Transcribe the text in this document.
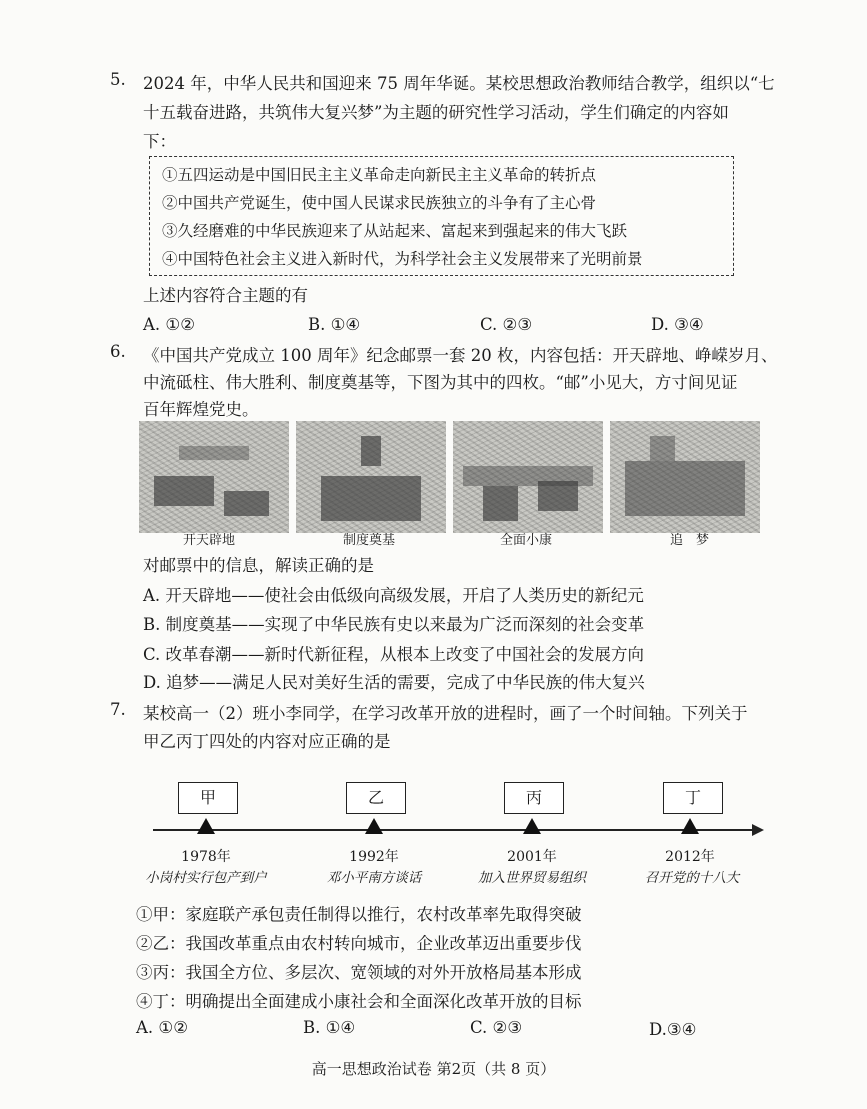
5. 2024 年，中华人民共和国迎来 75 周年华诞。某校思想政治教师结合教学，组织以“七
十五载奋进路，共筑伟大复兴梦”为主题的研究性学习活动，学生们确定的内容如
下：
①五四运动是中国旧民主主义革命走向新民主主义革命的转折点
②中国共产党诞生，使中国人民谋求民族独立的斗争有了主心骨
③久经磨难的中华民族迎来了从站起来、富起来到强起来的伟大飞跃
④中国特色社会主义进入新时代，为科学社会主义发展带来了光明前景
上述内容符合主题的有
A. ①②	B. ①④	C. ②③	D. ③④
6. 《中国共产党成立 100 周年》纪念邮票一套 20 枚，内容包括：开天辟地、峥嵘岁月、
中流砥柱、伟大胜利、制度奠基等，下图为其中的四枚。“邮”小见大，方寸间见证
百年辉煌党史。
开天辟地	制度奠基	全面小康	追　梦
对邮票中的信息，解读正确的是
A. 开天辟地——使社会由低级向高级发展，开启了人类历史的新纪元
B. 制度奠基——实现了中华民族有史以来最为广泛而深刻的社会变革
C. 改革春潮——新时代新征程，从根本上改变了中国社会的发展方向
D. 追梦——满足人民对美好生活的需要，完成了中华民族的伟大复兴
7. 某校高一（2）班小李同学，在学习改革开放的进程时，画了一个时间轴。下列关于
甲乙丙丁四处的内容对应正确的是
甲	乙	丙	丁
1978年	1992年	2001年	2012年
小岗村实行包产到户	邓小平南方谈话	加入世界贸易组织	召开党的十八大
①甲：家庭联产承包责任制得以推行，农村改革率先取得突破
②乙：我国改革重点由农村转向城市，企业改革迈出重要步伐
③丙：我国全方位、多层次、宽领域的对外开放格局基本形成
④丁：明确提出全面建成小康社会和全面深化改革开放的目标
A. ①②	B. ①④	C. ②③	D.③④
高一思想政治试卷 第2页（共 8 页）
